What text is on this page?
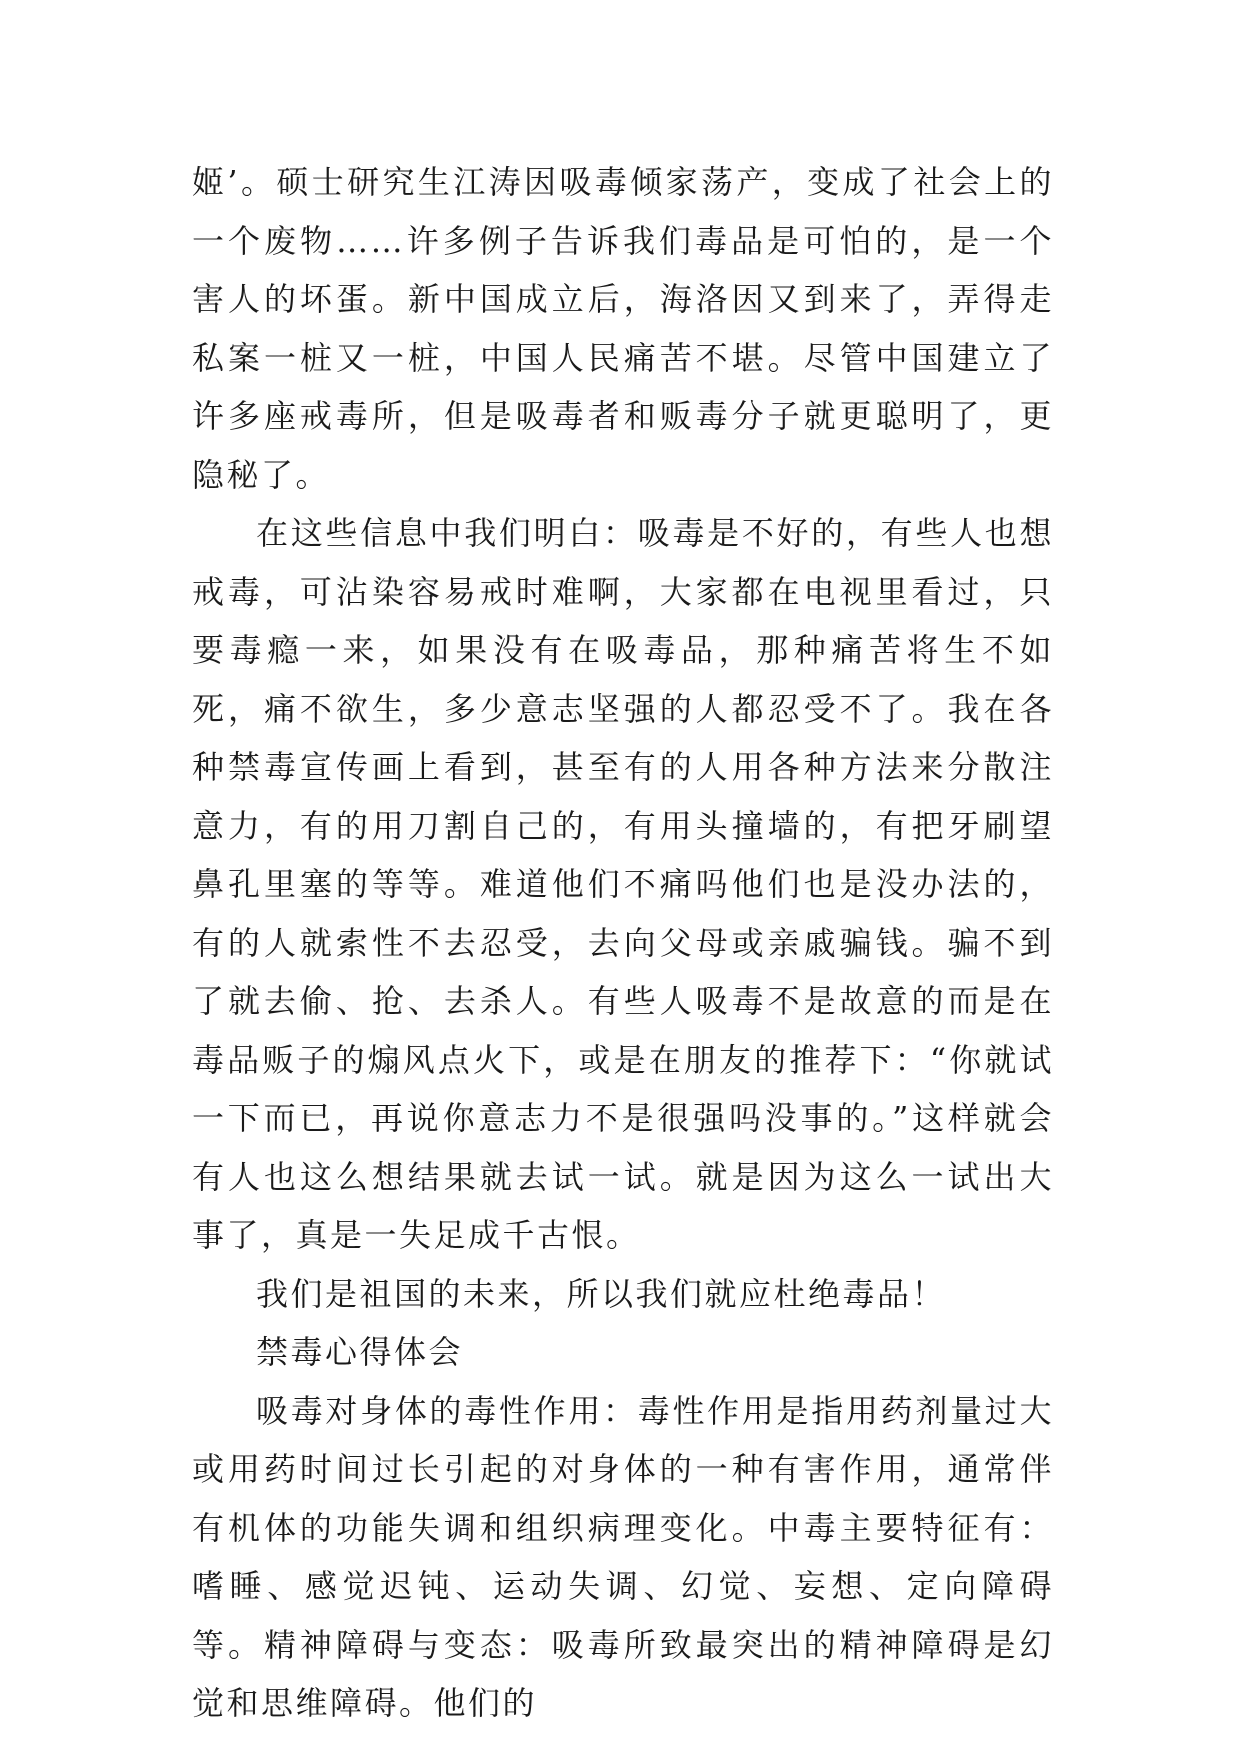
姬’。硕士研究生江涛因吸毒倾家荡产，变成了社会上的一个废物……许多例子告诉我们毒品是可怕的，是一个害人的坏蛋。新中国成立后，海洛因又到来了，弄得走私案一桩又一桩，中国人民痛苦不堪。尽管中国建立了许多座戒毒所，但是吸毒者和贩毒分子就更聪明了，更隐秘了。

在这些信息中我们明白：吸毒是不好的，有些人也想戒毒，可沾染容易戒时难啊，大家都在电视里看过，只要毒瘾一来，如果没有在吸毒品，那种痛苦将生不如死，痛不欲生，多少意志坚强的人都忍受不了。我在各种禁毒宣传画上看到，甚至有的人用各种方法来分散注意力，有的用刀割自己的，有用头撞墙的，有把牙刷望鼻孔里塞的等等。难道他们不痛吗他们也是没办法的，有的人就索性不去忍受，去向父母或亲戚骗钱。骗不到了就去偷、抢、去杀人。有些人吸毒不是故意的而是在毒品贩子的煽风点火下，或是在朋友的推荐下：“你就试一下而已，再说你意志力不是很强吗没事的。”这样就会有人也这么想结果就去试一试。就是因为这么一试出大事了，真是一失足成千古恨。

我们是祖国的未来，所以我们就应杜绝毒品！

禁毒心得体会

吸毒对身体的毒性作用：毒性作用是指用药剂量过大或用药时间过长引起的对身体的一种有害作用，通常伴有机体的功能失调和组织病理变化。中毒主要特征有：嗜睡、感觉迟钝、运动失调、幻觉、妄想、定向障碍等。精神障碍与变态：吸毒所致最突出的精神障碍是幻觉和思维障碍。他们的
